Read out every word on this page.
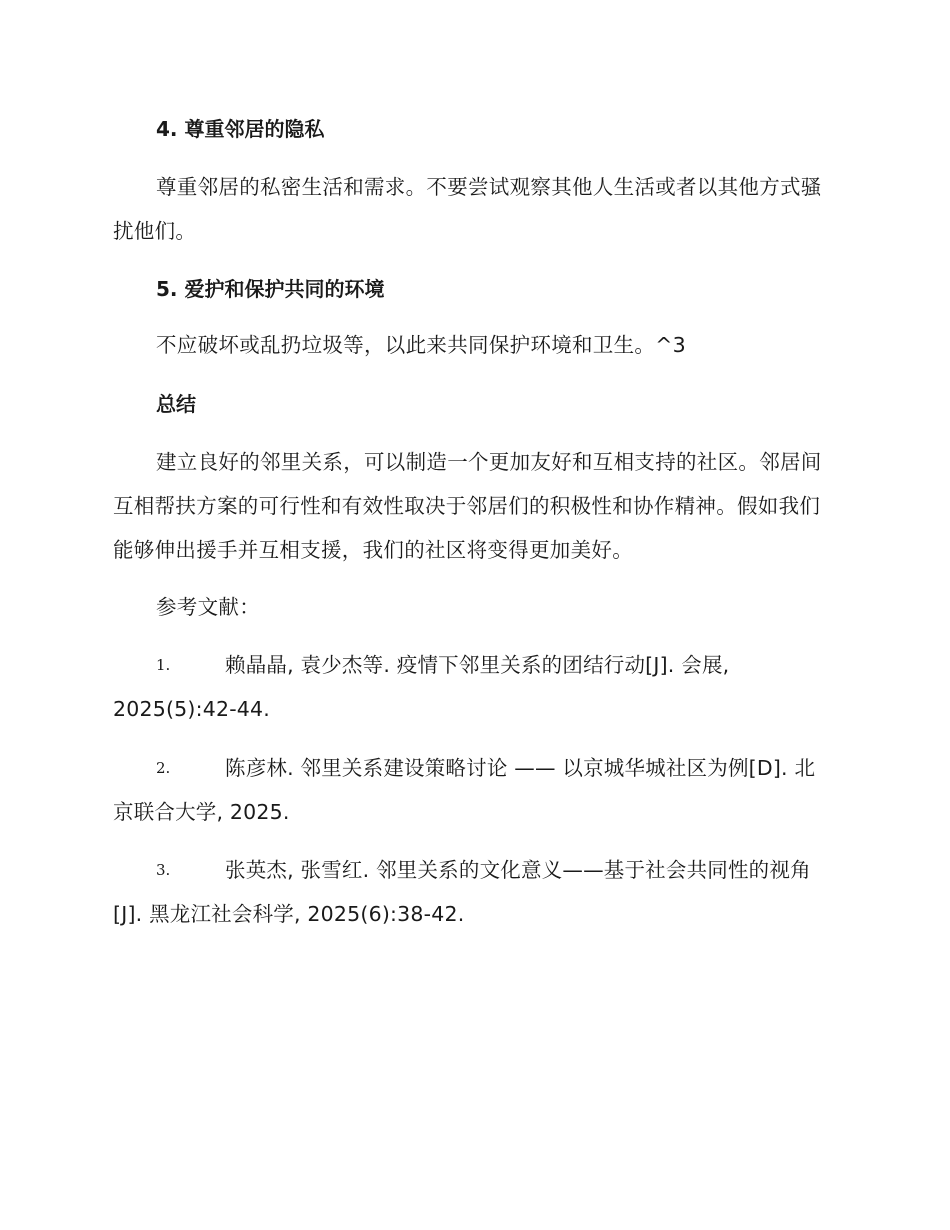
4. 尊重邻居的隐私
尊重邻居的私密生活和需求。不要尝试观察其他人生活或者以其他方式骚扰他们。
5. 爱护和保护共同的环境
不应破坏或乱扔垃圾等，以此来共同保护环境和卫生。^3
总结
建立良好的邻里关系，可以制造一个更加友好和互相支持的社区。邻居间互相帮扶方案的可行性和有效性取决于邻居们的积极性和协作精神。假如我们能够伸出援手并互相支援，我们的社区将变得更加美好。
参考文献：
1.	赖晶晶, 袁少杰等. 疫情下邻里关系的团结行动[J]. 会展, 2025(5):42-44.
2.	陈彦林. 邻里关系建设策略讨论 —— 以京城华城社区为例[D]. 北京联合大学, 2025.
3.	张英杰, 张雪红. 邻里关系的文化意义——基于社会共同性的视角[J]. 黑龙江社会科学, 2025(6):38-42.
